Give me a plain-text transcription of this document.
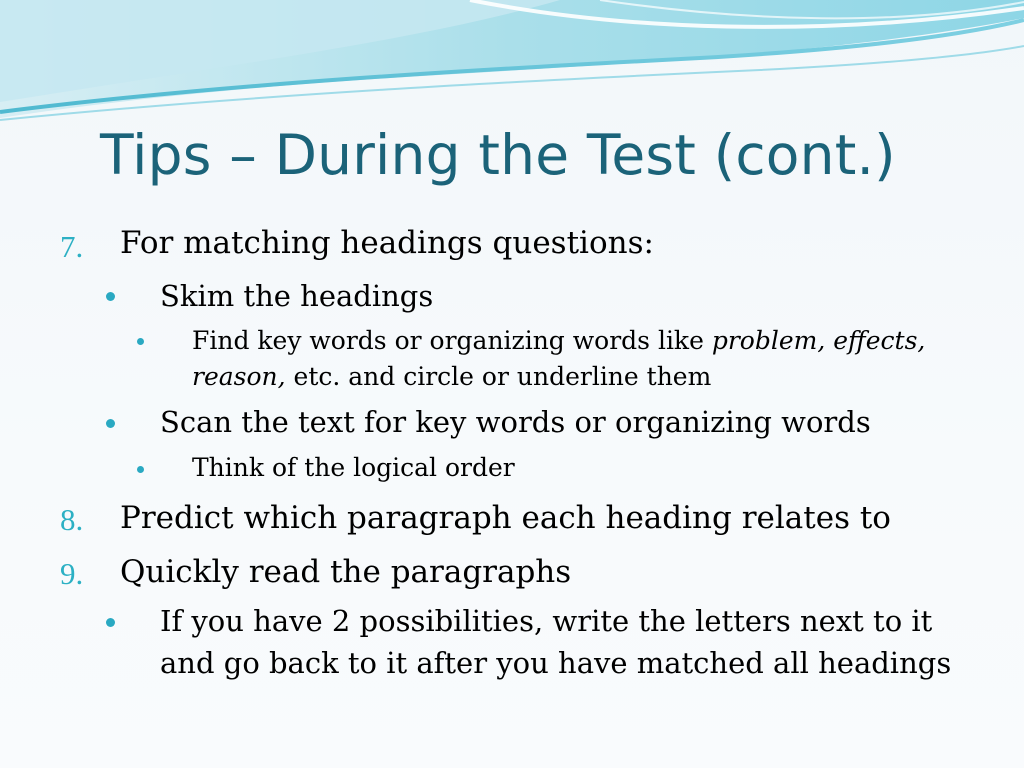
Tips – During the Test (cont.)
7. For matching headings questions:
Skim the headings
Find key words or organizing words like problem, effects,
reason, etc. and circle or underline them
Scan the text for key words or organizing words
Think of the logical order
8. Predict which paragraph each heading relates to
9. Quickly read the paragraphs
If you have 2 possibilities, write the letters next to it
and go back to it after you have matched all headings
